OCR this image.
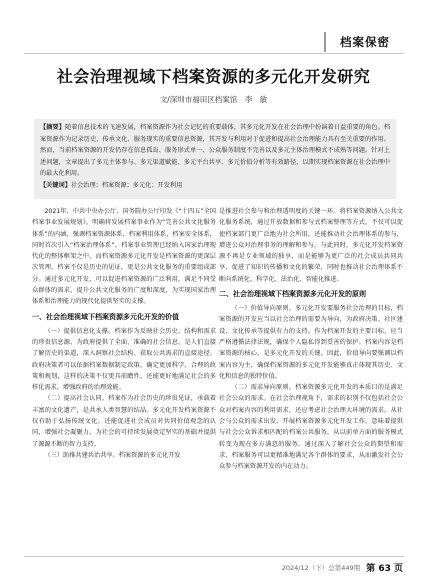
档案保密
社会治理视域下档案资源的多元化开发研究
文/深圳市福田区档案馆　李　敏
【摘要】随着信息技术的飞速发展，档案资源作为社会记忆的重要载体，其多元化开发在社会治理中扮演着日益重要的角色。档案资源作为记录历史、传承文化、服务现实的重要信息资源，其开发与利用对于促进和提高社会治理能力具有至关重要的作用。然而，当前档案资源的开发仍存在信息孤岛、服务形式单一、公众服务制度不完善以及多元主体治理模式不成熟等问题。针对上述问题，文章提出了多元主体参与、多元渠道赋能、多元平台共享、多元价值分析等有效路径，以期实现档案资源在社会治理中的最大化利用。
【关键词】社会治理；档案资源；多元化；开发利用

2021年，中共中央办公厅、国务院办公厅印发《“十四五”全国档案事业发展规划》，明确将发展档案事业作为“完善公共文化服务体系”的内涵，强调档案资源体系、档案利用体系、档案安全体系，同时首次引入“档案治理体系”。档案事业管理已经纳入国家治理现代化的整体框架之中，而档案资源多元化开发是档案资源的更深层次管理。档案不仅是历史的见证，更是公共文化服务的重要组成部分。通过多元化开发，可以促进档案资源的广泛利用，满足不同受众群体的需求，提升公共文化服务的广度和深度，为实现国家治理体系和治理能力的现代化提供坚实的支撑。

一、社会治理视域下档案资源多元化开发的价值

（一）提供信息化支撑。档案作为反映社会历史、结构和需求的珍贵信息源，为政府提供了全面、准确的社会信息，是人们直接了解历史的渠道，深入洞察社会结构、获取公共需求的直接途径。政府决策者可以依据档案数据制定政策，确定更加科学、合理的政策和规划，这样的决策不仅更具前瞻性，还能更好地满足社会的多样化需求，增强政府的治理效能。

（二）提高社会认同。档案作为社会历史的珍贵见证，承载着丰富的文化遗产，是共承人类智慧的结晶。多元化开发档案资源不仅有助于弘扬传统文化，还能促进社会成员对共同价值观念的认同，增强社会凝聚力，为社会的可持续发展奠定坚实的基础并提供了源源不断的智力支持。

（三）助推共建共治共享。档案资源的多元化开发

是推进社会参与和治理透明度的关键一环。将档案资源纳入公共文化服务系统，通过开放数据和参与式档案整理等方式，不仅可以促使档案部门更广泛地为社会所用，还能推动社会治理体系的参与，增进公众对治理事务的理解和参与。与此同时，多元化开发档案资源不再是专业领域的独享，而是能够为更广泛的社会成员共同共享，促进了知识的传播和文化的繁荣，同时也推动社会治理体系不断向系统化、科学化、法治化、智能化推进。

二、社会治理视域下档案资源多元化开发的原则

（一）价值导向原则。多元化开发要服务社会治理的目标，档案资源的开发应当以社会治理的需要为导向，为政府决策、社区建设、文化传承等提供有力的支持。作为档案开发的主要目标，应当严格遵循法律法规，确保个人隐私得到妥善的保护。档案内容是档案资源的核心，是多元化开发的关键。因此，价值导向要强调以档案内容为主，确保档案资源的多元化开发能够真正体现其历史、文化和信息的独特价值。

（二）需求导向原则。档案资源多元化开发的本质目的是满足社会公众的需求。在社会治理视角下，需求的识别不仅包括社会公众对档案内容的利用需求，还应考虑社会治理大环境的需求。从社会与公众的需求出发，开展档案资源多元化开发工作，意味着提供与社会公众诉求相匹配的档案公共服务，从以前单方面的服务模式转变为现在多方满意的服务。通过深入了解社会公众的期望和需求，档案服务可以更精准地满足各个群体的要求，从而激发社会公众参与档案资源开发的内在动力。

2024/12（下）总第449期 第 63 页
